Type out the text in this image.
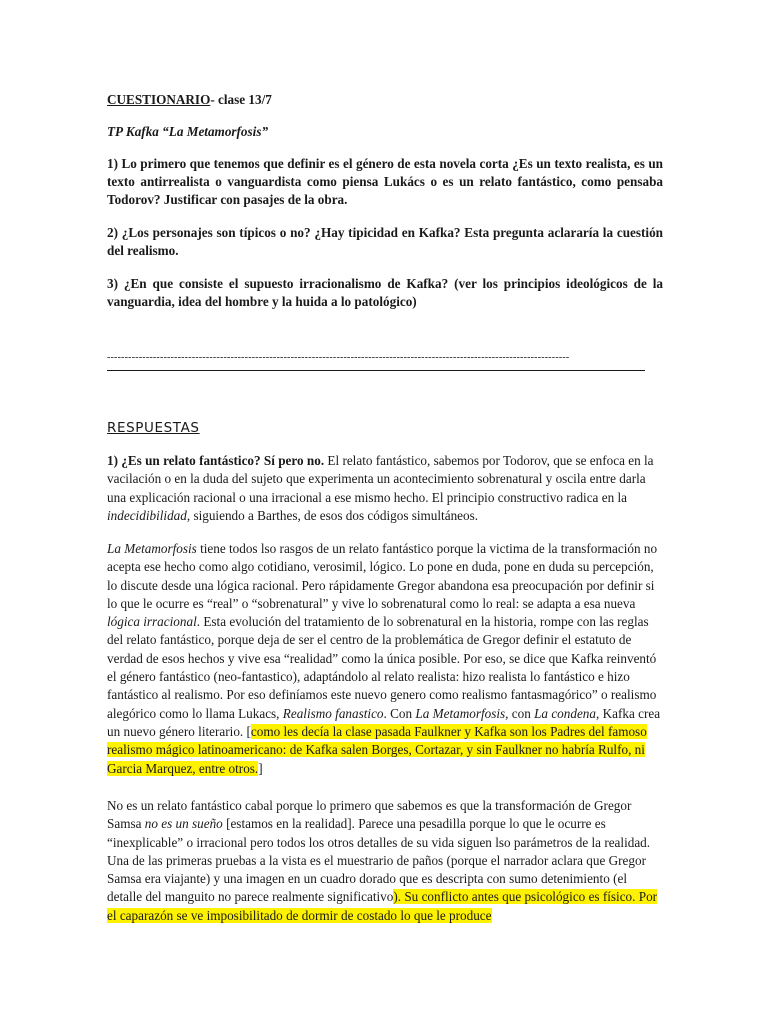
CUESTIONARIO- clase 13/7

TP Kafka “La Metamorfosis”

1) Lo primero que tenemos que definir es el género de esta novela corta ¿Es un texto realista, es un texto antirrealista o vanguardista como piensa Lukács o es un relato fantástico, como pensaba Todorov? Justificar con pasajes de la obra.

2) ¿Los personajes son típicos o no? ¿Hay tipicidad en Kafka? Esta pregunta aclararía la cuestión del realismo.

3) ¿En que consiste el supuesto irracionalismo de Kafka? (ver los principios ideológicos de la vanguardia, idea del hombre y la huida a lo patológico)

-----------------------------------------------------------------------------------------------------------------------------------

RESPUESTAS

1) ¿Es un relato fantástico? Sí pero no. El relato fantástico, sabemos por Todorov, que se enfoca en la vacilación o en la duda del sujeto que experimenta un acontecimiento sobrenatural y oscila entre darla una explicación racional o una irracional a ese mismo hecho. El principio constructivo radica en la indecidibilidad, siguiendo a Barthes, de esos dos códigos simultáneos.

La Metamorfosis tiene todos lso rasgos de un relato fantástico porque la victima de la transformación no acepta ese hecho como algo cotidiano, verosimil, lógico. Lo pone en duda, pone en duda su percepción, lo discute desde una lógica racional. Pero rápidamente Gregor abandona esa preocupación por definir si lo que le ocurre es “real” o “sobrenatural” y vive lo sobrenatural como lo real: se adapta a esa nueva lógica irracional. Esta evolución del tratamiento de lo sobrenatural en la historia, rompe con las reglas del relato fantástico, porque deja de ser el centro de la problemática de Gregor definir el estatuto de verdad de esos hechos y vive esa “realidad” como la única posible. Por eso, se dice que Kafka reinventó el género fantástico (neo-fantastico), adaptándolo al relato realista: hizo realista lo fantástico e hizo fantástico al realismo. Por eso definíamos este nuevo genero como realismo fantasmagórico” o realismo alegórico como lo llama Lukacs, Realismo fanastico. Con La Metamorfosis, con La condena, Kafka crea un nuevo género literario. [como les decía la clase pasada Faulkner y Kafka son los Padres del famoso realismo mágico latinoamericano: de Kafka salen Borges, Cortazar, y sin Faulkner no habría Rulfo, ni Garcia Marquez, entre otros.]

No es un relato fantástico cabal porque lo primero que sabemos es que la transformación de Gregor Samsa no es un sueño [estamos en la realidad]. Parece una pesadilla porque lo que le ocurre es “inexplicable” o irracional pero todos los otros detalles de su vida siguen lso parámetros de la realidad. Una de las primeras pruebas a la vista es el muestrario de paños (porque el narrador aclara que Gregor Samsa era viajante) y una imagen en un cuadro dorado que es descripta con sumo detenimiento (el detalle del manguito no parece realmente significativo). Su conflicto antes que psicológico es físico. Por el caparazón se ve imposibilitado de dormir de costado lo que le produce
